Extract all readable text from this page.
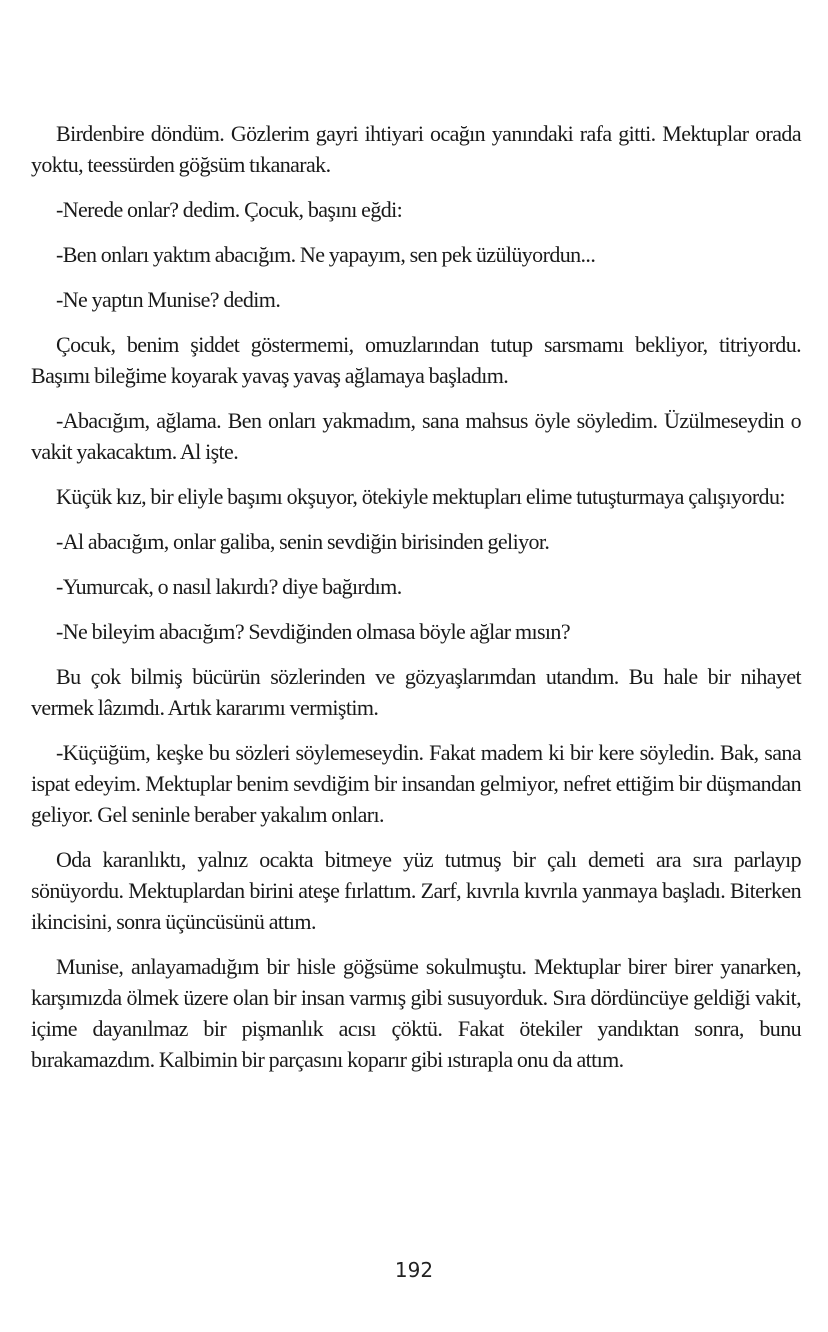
Birdenbire döndüm. Gözlerim gayri ihtiyari ocağın yanındaki rafa gitti. Mektuplar orada yoktu, teessürden göğsüm tıkanarak.

-Nerede onlar? dedim. Çocuk, başını eğdi:

-Ben onları yaktım abacığım. Ne yapayım, sen pek üzülüyordun...

-Ne yaptın Munise? dedim.

Çocuk, benim şiddet göstermemi, omuzlarından tutup sarsmamı bekliyor, titriyordu. Başımı bileğime koyarak yavaş yavaş ağlamaya başladım.

-Abacığım, ağlama. Ben onları yakmadım, sana mahsus öyle söyledim. Üzülmeseydin o vakit yakacaktım. Al işte.

Küçük kız, bir eliyle başımı okşuyor, ötekiyle mektupları elime tutuşturmaya çalışıyordu:

-Al abacığım, onlar galiba, senin sevdiğin birisinden geliyor.

-Yumurcak, o nasıl lakırdı? diye bağırdım.

-Ne bileyim abacığım? Sevdiğinden olmasa böyle ağlar mısın?

Bu çok bilmiş bücürün sözlerinden ve gözyaşlarımdan utandım. Bu hale bir nihayet vermek lâzımdı. Artık kararımı vermiştim.

-Küçüğüm, keşke bu sözleri söylemeseydin. Fakat madem ki bir kere söyledin. Bak, sana ispat edeyim. Mektuplar benim sevdiğim bir insandan gelmiyor, nefret ettiğim bir düşmandan geliyor. Gel seninle beraber yakalım onları.

Oda karanlıktı, yalnız ocakta bitmeye yüz tutmuş bir çalı demeti ara sıra parlayıp sönüyordu. Mektuplardan birini ateşe fırlattım. Zarf, kıvrıla kıvrıla yanmaya başladı. Biterken ikincisini, sonra üçüncüsünü attım.

Munise, anlayamadığım bir hisle göğsüme sokulmuştu. Mektuplar birer birer yanarken, karşımızda ölmek üzere olan bir insan varmış gibi susuyorduk. Sıra dördüncüye geldiği vakit, içime dayanılmaz bir pişmanlık acısı çöktü. Fakat ötekiler yandıktan sonra, bunu bırakamazdım. Kalbimin bir parçasını koparır gibi ıstırapla onu da attım.

192
